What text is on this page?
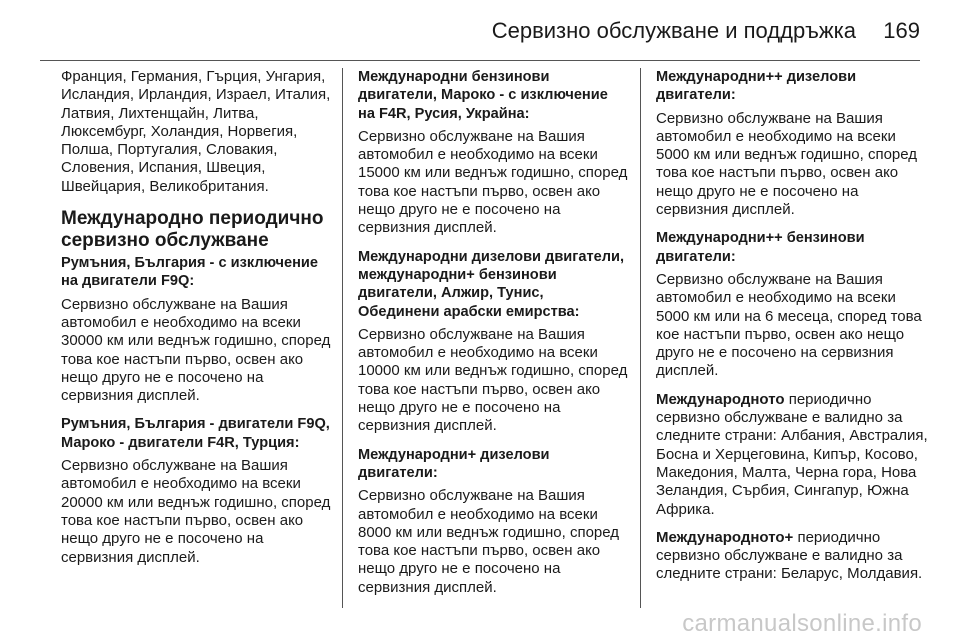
Сервизно обслужване и поддръжка 169

Франция, Германия, Гърция, Унгария, Исландия, Ирландия, Израел, Италия, Латвия, Лихтенщайн, Литва, Люксембург, Холандия, Норвегия, Полша, Португалия, Словакия, Словения, Испания, Швеция, Швейцария, Великобритания.

Международно периодично сервизно обслужване

Румъния, България - с изключение на двигатели F9Q:

Сервизно обслужване на Вашия автомобил е необходимо на всеки 30000 км или веднъж годишно, според това кое настъпи първо, освен ако нещо друго не е посочено на сервизния дисплей.

Румъния, България - двигатели F9Q, Мароко - двигатели F4R, Турция:

Сервизно обслужване на Вашия автомобил е необходимо на всеки 20000 км или веднъж годишно, според това кое настъпи първо, освен ако нещо друго не е посочено на сервизния дисплей.

Международни бензинови двигатели, Мароко - с изключение на F4R, Русия, Украйна:

Сервизно обслужване на Вашия автомобил е необходимо на всеки 15000 км или веднъж годишно, според това кое настъпи първо, освен ако нещо друго не е посочено на сервизния дисплей.

Международни дизелови двигатели, международни+ бензинови двигатели, Алжир, Тунис, Обединени арабски емирства:

Сервизно обслужване на Вашия автомобил е необходимо на всеки 10000 км или веднъж годишно, според това кое настъпи първо, освен ако нещо друго не е посочено на сервизния дисплей.

Международни+ дизелови двигатели:

Сервизно обслужване на Вашия автомобил е необходимо на всеки 8000 км или веднъж годишно, според това кое настъпи първо, освен ако нещо друго не е посочено на сервизния дисплей.

Международни++ дизелови двигатели:

Сервизно обслужване на Вашия автомобил е необходимо на всеки 5000 км или веднъж годишно, според това кое настъпи първо, освен ако нещо друго не е посочено на сервизния дисплей.

Международни++ бензинови двигатели:

Сервизно обслужване на Вашия автомобил е необходимо на всеки 5000 км или на 6 месеца, според това кое настъпи първо, освен ако нещо друго не е посочено на сервизния дисплей.

Международното периодично сервизно обслужване е валидно за следните страни: Албания, Австралия, Босна и Херцеговина, Кипър, Косово, Македония, Малта, Черна гора, Нова Зеландия, Сърбия, Сингапур, Южна Африка.

Международното+ периодично сервизно обслужване е валидно за следните страни: Беларус, Молдавия.

carmanualsonline.info
